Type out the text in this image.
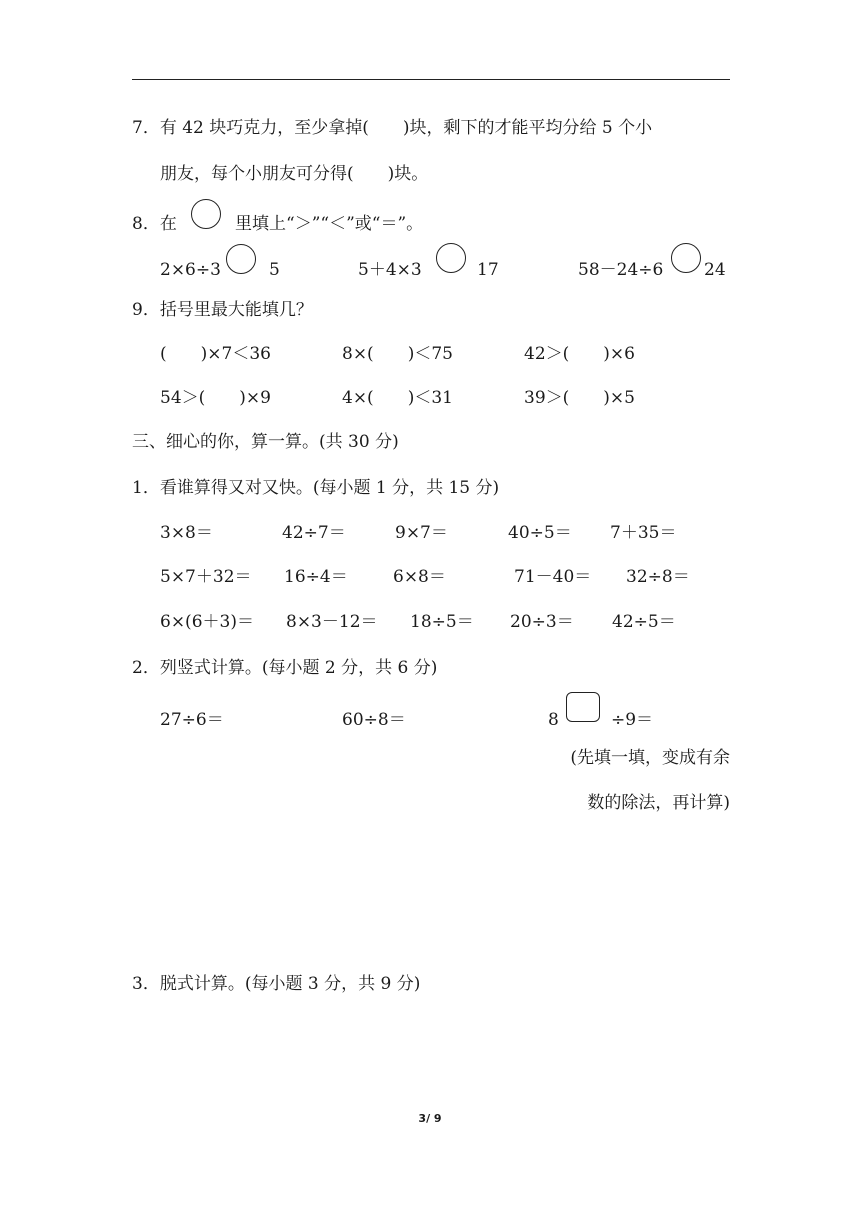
7．有 42 块巧克力，至少拿掉(　　)块，剩下的才能平均分给 5 个小
朋友，每个小朋友可分得(　　)块。
8．在	里填上“＞”“＜”或“＝”。
2×6÷3	5	5＋4×3	17	58－24÷6 24
9．括号里最大能填几？
(　　)×7＜36	8×(　　)＜75	42＞(　　)×6
54＞(　　)×9	4×(　　)＜31	39＞(　　)×5
三、细心的你，算一算。(共 30 分)
1．看谁算得又对又快。(每小题 1 分，共 15 分)
3×8＝	42÷7＝	9×7＝	40÷5＝ 7＋35＝
5×7＋32＝ 16÷4＝	6×8＝	71－40＝ 32÷8＝
6×(6＋3)＝ 8×3－12＝ 18÷5＝ 20÷3＝ 42÷5＝
2．列竖式计算。(每小题 2 分，共 6 分)
27÷6＝	60÷8＝	8	÷9＝
(先填一填，变成有余
数的除法，再计算)
3．脱式计算。(每小题 3 分，共 9 分)
3/ 9
